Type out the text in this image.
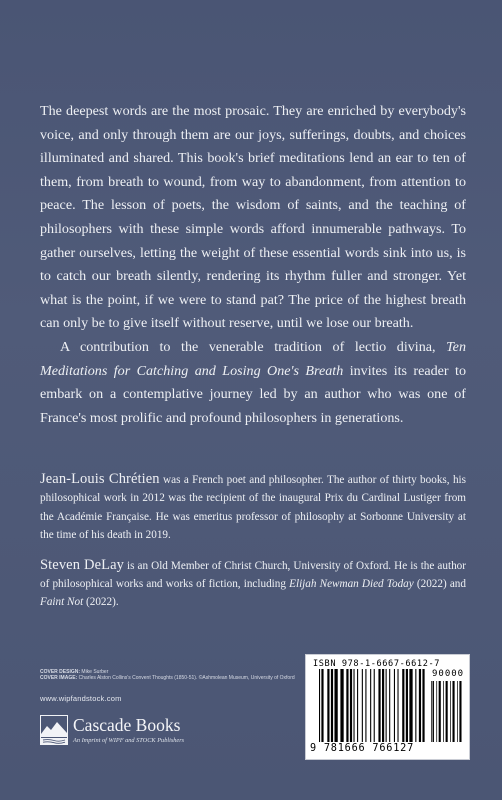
The deepest words are the most prosaic. They are enriched by everybody's voice, and only through them are our joys, sufferings, doubts, and choices illuminated and shared. This book's brief meditations lend an ear to ten of them, from breath to wound, from way to abandonment, from attention to peace. The lesson of poets, the wisdom of saints, and the teaching of philosophers with these simple words afford innumerable pathways. To gather ourselves, letting the weight of these essential words sink into us, is to catch our breath silently, rendering its rhythm fuller and stronger. Yet what is the point, if we were to stand pat? The price of the highest breath can only be to give itself without reserve, until we lose our breath.

A contribution to the venerable tradition of lectio divina, Ten Meditations for Catching and Losing One's Breath invites its reader to embark on a contemplative journey led by an author who was one of France's most prolific and profound philosophers in generations.

Jean-Louis Chrétien was a French poet and philosopher. The author of thirty books, his philosophical work in 2012 was the recipient of the inaugural Prix du Cardinal Lustiger from the Académie Française. He was emeritus professor of philosophy at Sorbonne University at the time of his death in 2019.

Steven DeLay is an Old Member of Christ Church, University of Oxford. He is the author of philosophical works and works of fiction, including Elijah Newman Died Today (2022) and Faint Not (2022).

COVER DESIGN: Mike Surber
COVER IMAGE: Charles Alston Collins's Convent Thoughts (1850-51). ©Ashmolean Museum, University of Oxford
www.wipfandstock.com
Cascade Books
An Imprint of WIPF and STOCK Publishers
ISBN 978-1-6667-6612-7
90000
9 781666 766127
